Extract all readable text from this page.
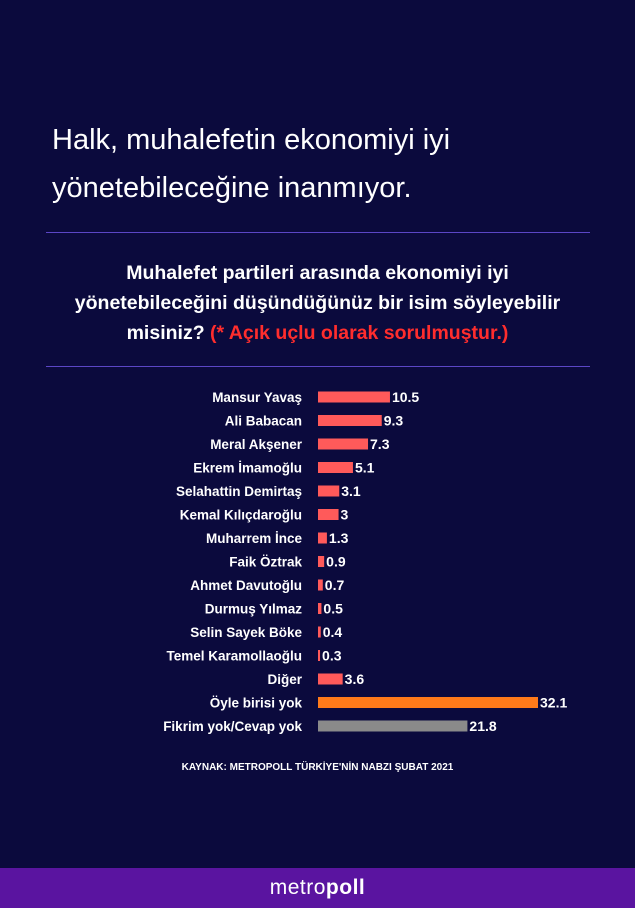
Halk, muhalefetin ekonomiyi iyi
yönetebileceğine inanmıyor.

Muhalefet partileri arasında ekonomiyi iyi
yönetebileceğini düşündüğünüz bir isim söyleyebilir
misiniz? (* Açık uçlu olarak sorulmuştur.)

Mansur Yavaş	10.5
Ali Babacan	9.3
Meral Akşener	7.3
Ekrem İmamoğlu	5.1
Selahattin Demirtaş	3.1
Kemal Kılıçdaroğlu	3
Muharrem İnce 1.3
Faik Öztrak 0.9
Ahmet Davutoğlu 0.7
Durmuş Yılmaz 0.5
Selin Sayek Böke 0.4
Temel Karamollaoğlu 0.3
Diğer	3.6
Öyle birisi yok	32.1
Fikrim yok/Cevap yok	21.8
KAYNAK: METROPOLL TÜRKİYE'NİN NABZI ŞUBAT 2021
metropoll
